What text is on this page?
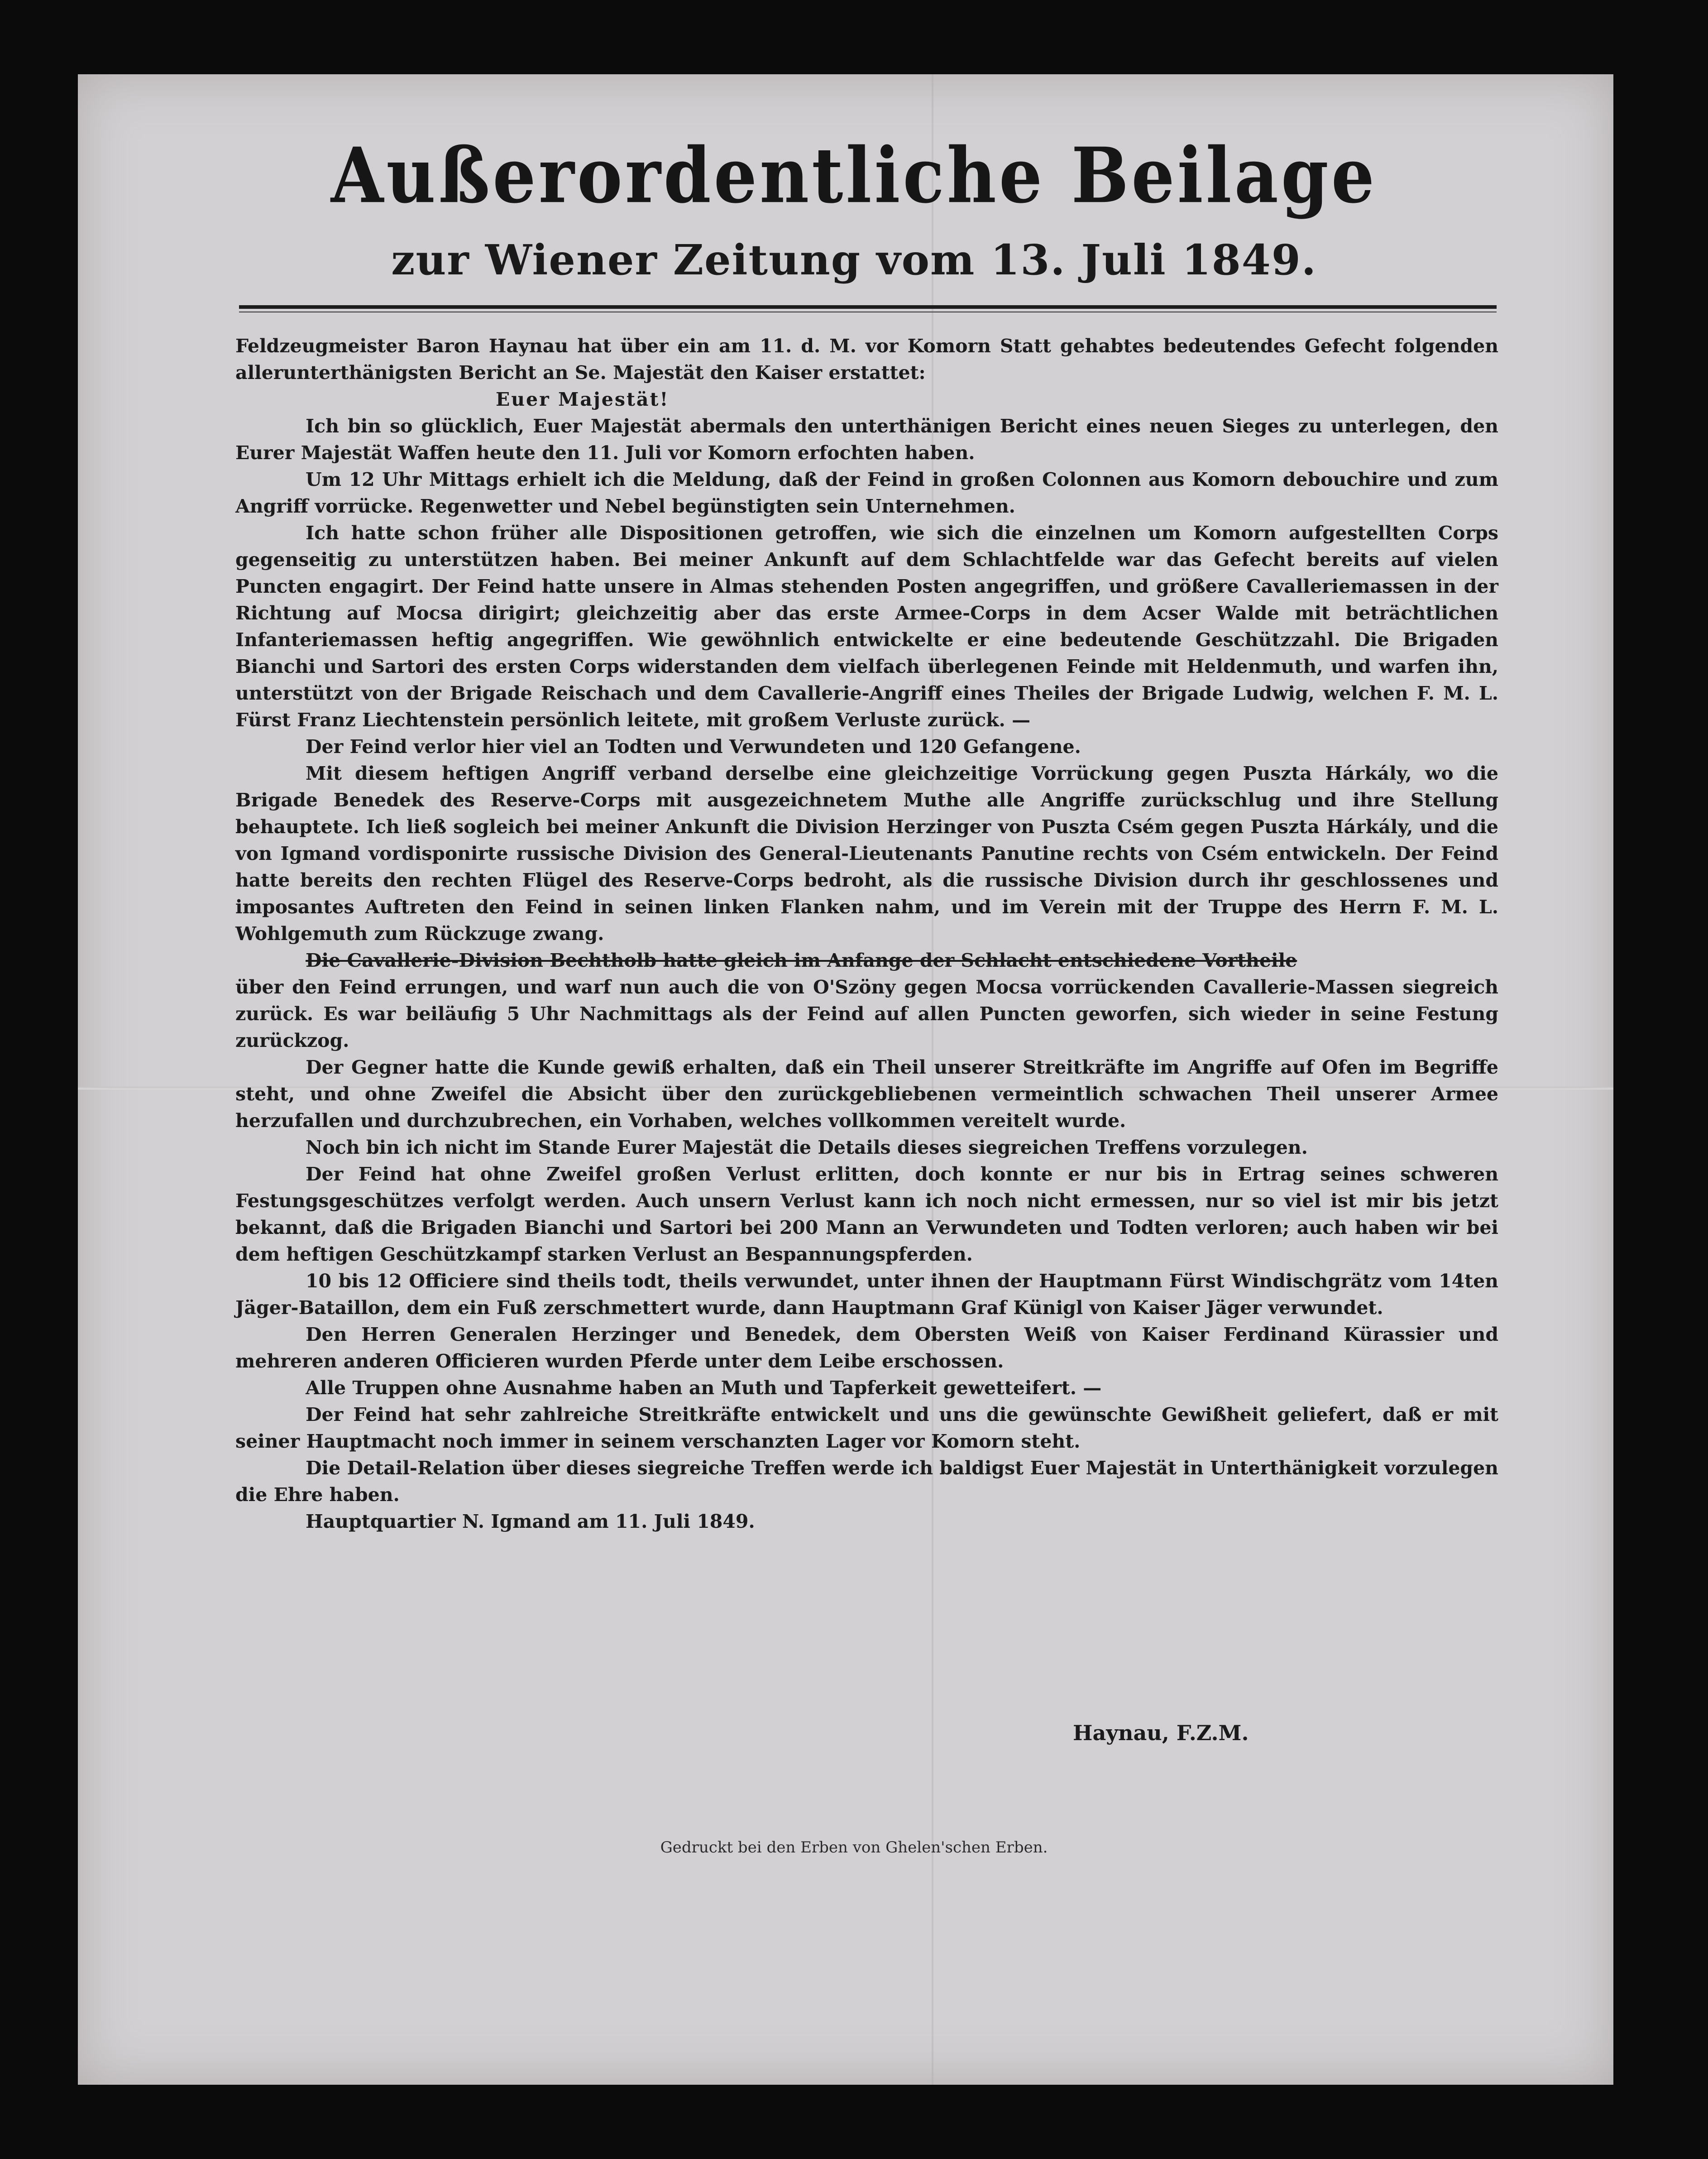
Außerordentliche Beilage
zur Wiener Zeitung vom 13. Juli 1849.

Feldzeugmeister Baron Haynau hat über ein am 11. d. M. vor Komorn Statt gehabtes bedeutendes Gefecht folgenden allerunterthänigsten Bericht an Se. Majestät den Kaiser erstattet:

Euer Majestät!

Ich bin so glücklich, Euer Majestät abermals den unterthänigen Bericht eines neuen Sieges zu unterlegen, den Eurer Majestät Waffen heute den 11. Juli vor Komorn erfochten haben.

Um 12 Uhr Mittags erhielt ich die Meldung, daß der Feind in großen Colonnen aus Komorn debouchire und zum Angriff vorrücke. Regenwetter und Nebel begünstigten sein Unternehmen.

Ich hatte schon früher alle Dispositionen getroffen, wie sich die einzelnen um Komorn aufgestellten Corps gegenseitig zu unterstützen haben. Bei meiner Ankunft auf dem Schlachtfelde war das Gefecht bereits auf vielen Puncten engagirt. Der Feind hatte unsere in Almas stehenden Posten angegriffen, und größere Cavalleriemassen in der Richtung auf Mocsa dirigirt; gleichzeitig aber das erste Armee-Corps in dem Acser Walde mit beträchtlichen Infanteriemassen heftig angegriffen. Wie gewöhnlich entwickelte er eine bedeutende Geschützzahl. Die Brigaden Bianchi und Sartori des ersten Corps widerstanden dem vielfach überlegenen Feinde mit Heldenmuth, und warfen ihn, unterstützt von der Brigade Reischach und dem Cavallerie-Angriff eines Theiles der Brigade Ludwig, welchen F. M. L. Fürst Franz Liechtenstein persönlich leitete, mit großem Verluste zurück. —

Der Feind verlor hier viel an Todten und Verwundeten und 120 Gefangene.

Mit diesem heftigen Angriff verband derselbe eine gleichzeitige Vorrückung gegen Puszta Hárkály, wo die Brigade Benedek des Reserve-Corps mit ausgezeichnetem Muthe alle Angriffe zurückschlug und ihre Stellung behauptete. Ich ließ sogleich bei meiner Ankunft die Division Herzinger von Puszta Csém gegen Puszta Hárkály, und die von Igmand vordisponirte russische Division des General-Lieutenants Panutine rechts von Csém entwickeln. Der Feind hatte bereits den rechten Flügel des Reserve-Corps bedroht, als die russische Division durch ihr geschlossenes und imposantes Auftreten den Feind in seinen linken Flanken nahm, und im Verein mit der Truppe des Herrn F. M. L. Wohlgemuth zum Rückzuge zwang.

Die Cavallerie-Division Bechtholb hatte gleich im Anfange der Schlacht entschiedene Vortheile

über den Feind errungen, und warf nun auch die von O'Szöny gegen Mocsa vorrückenden Cavallerie-Massen siegreich zurück. Es war beiläufig 5 Uhr Nachmittags als der Feind auf allen Puncten geworfen, sich wieder in seine Festung zurückzog.

Der Gegner hatte die Kunde gewiß erhalten, daß ein Theil unserer Streitkräfte im Angriffe auf Ofen im Begriffe steht, und ohne Zweifel die Absicht über den zurückgebliebenen vermeintlich schwachen Theil unserer Armee herzufallen und durchzubrechen, ein Vorhaben, welches vollkommen vereitelt wurde.

Noch bin ich nicht im Stande Eurer Majestät die Details dieses siegreichen Treffens vorzulegen.

Der Feind hat ohne Zweifel großen Verlust erlitten, doch konnte er nur bis in Ertrag seines schweren Festungsgeschützes verfolgt werden. Auch unsern Verlust kann ich noch nicht ermessen, nur so viel ist mir bis jetzt bekannt, daß die Brigaden Bianchi und Sartori bei 200 Mann an Verwundeten und Todten verloren; auch haben wir bei dem heftigen Geschützkampf starken Verlust an Bespannungspferden.

10 bis 12 Officiere sind theils todt, theils verwundet, unter ihnen der Hauptmann Fürst Windischgrätz vom 14ten Jäger-Bataillon, dem ein Fuß zerschmettert wurde, dann Hauptmann Graf Künigl von Kaiser Jäger verwundet.

Den Herren Generalen Herzinger und Benedek, dem Obersten Weiß von Kaiser Ferdinand Kürassier und mehreren anderen Officieren wurden Pferde unter dem Leibe erschossen.

Alle Truppen ohne Ausnahme haben an Muth und Tapferkeit gewetteifert. —

Der Feind hat sehr zahlreiche Streitkräfte entwickelt und uns die gewünschte Gewißheit geliefert, daß er mit seiner Hauptmacht noch immer in seinem verschanzten Lager vor Komorn steht.

Die Detail-Relation über dieses siegreiche Treffen werde ich baldigst Euer Majestät in Unterthänigkeit vorzulegen die Ehre haben.

Hauptquartier N. Igmand am 11. Juli 1849.

Haynau, F.Z.M.
Gedruckt bei den Erben von Ghelen'schen Erben.
